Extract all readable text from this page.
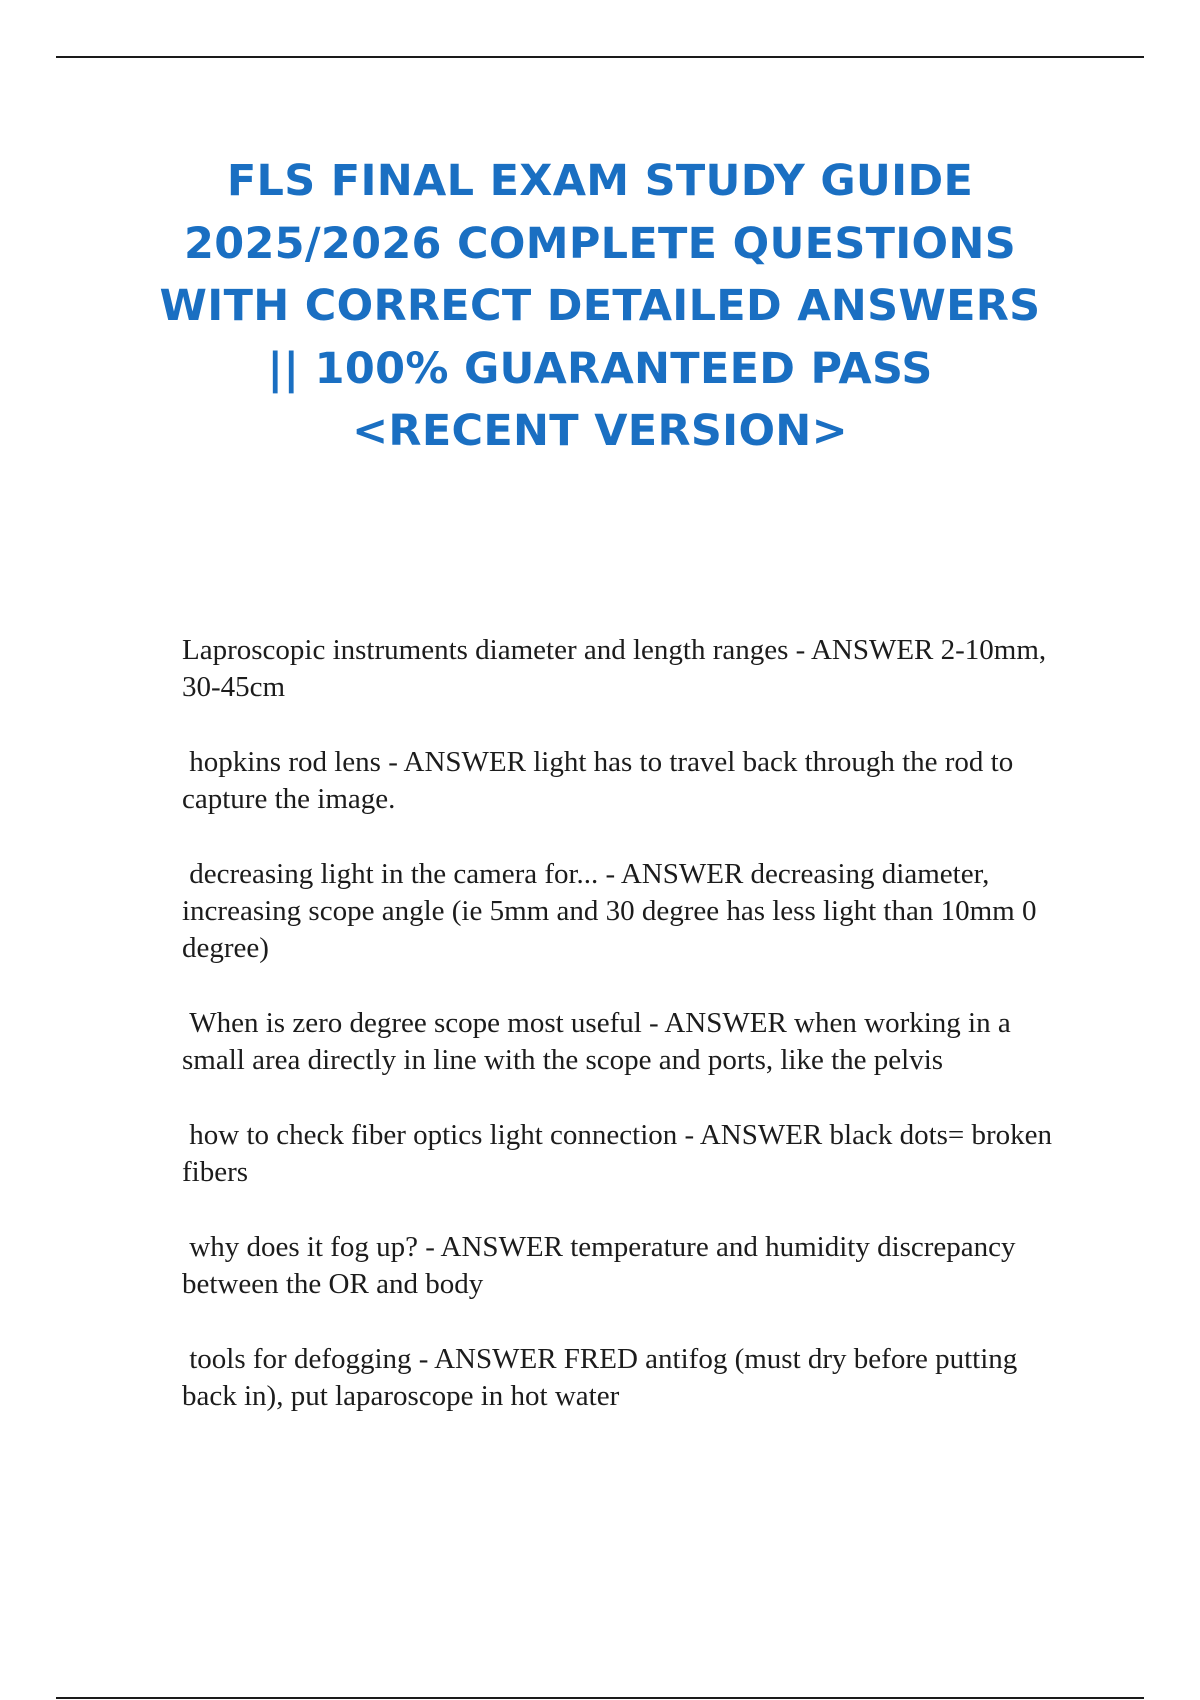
FLS FINAL EXAM STUDY GUIDE 2025/2026 COMPLETE QUESTIONS WITH CORRECT DETAILED ANSWERS || 100% GUARANTEED PASS <RECENT VERSION>

Laproscopic instruments diameter and length ranges - ANSWER 2-10mm, 30-45cm

hopkins rod lens - ANSWER light has to travel back through the rod to capture the image.

decreasing light in the camera for... - ANSWER decreasing diameter, increasing scope angle (ie 5mm and 30 degree has less light than 10mm 0 degree)

When is zero degree scope most useful - ANSWER when working in a small area directly in line with the scope and ports, like the pelvis

how to check fiber optics light connection - ANSWER black dots= broken fibers

why does it fog up? - ANSWER temperature and humidity discrepancy between the OR and body

tools for defogging - ANSWER FRED antifog (must dry before putting back in), put laparoscope in hot water
